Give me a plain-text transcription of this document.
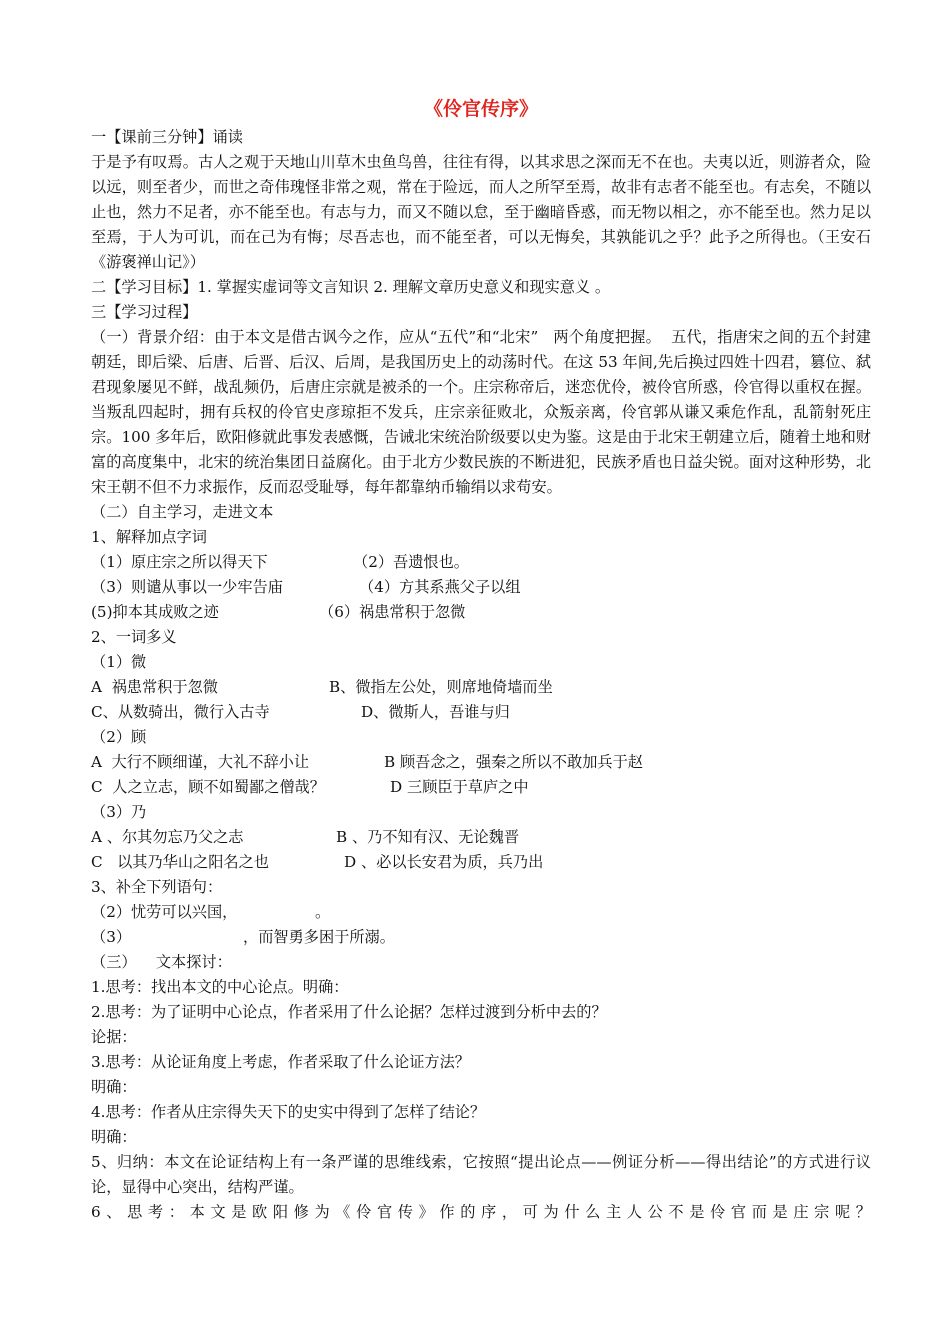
《伶官传序》

一【课前三分钟】诵读

于是予有叹焉。古人之观于天地山川草木虫鱼鸟兽，往往有得，以其求思之深而无不在也。夫夷以近，则游者众，险以远，则至者少，而世之奇伟瑰怪非常之观，常在于险远，而人之所罕至焉，故非有志者不能至也。有志矣，不随以止也，然力不足者，亦不能至也。有志与力，而又不随以怠，至于幽暗昏惑，而无物以相之，亦不能至也。然力足以至焉，于人为可讥，而在己为有悔；尽吾志也，而不能至者，可以无悔矣，其孰能讥之乎？此予之所得也。（王安石《游褒禅山记》）

二【学习目标】1. 掌握实虚词等文言知识 2. 理解文章历史意义和现实意义 。

三【学习过程】

（一）背景介绍：由于本文是借古讽今之作，应从“五代”和“北宋”   两个角度把握。  五代，指唐宋之间的五个封建朝廷，即后梁、后唐、后晋、后汉、后周，是我国历史上的动荡时代。在这 53 年间,先后换过四姓十四君，篡位、弑君现象屡见不鲜，战乱频仍，后唐庄宗就是被杀的一个。庄宗称帝后，迷恋优伶，被伶官所惑，伶官得以重权在握。当叛乱四起时，拥有兵权的伶官史彦琼拒不发兵，庄宗亲征败北，众叛亲离，伶官郭从谦又乘危作乱，乱箭射死庄宗。100 多年后，欧阳修就此事发表感慨，告诫北宋统治阶级要以史为鉴。这是由于北宋王朝建立后，随着土地和财富的高度集中，北宋的统治集团日益腐化。由于北方少数民族的不断进犯，民族矛盾也日益尖锐。面对这种形势，北宋王朝不但不力求振作，反而忍受耻辱，每年都靠纳币输绢以求苟安。

（二）自主学习，走进文本

1、解释加点字词

（1）原庄宗之所以得天下	（2）吾遗恨也。

（3）则谴从事以一少牢告庙	（4）方其系燕父子以组

(5)抑本其成败之迹	（6）祸患常积于忽微

2、一词多义

（1）微

A  祸患常积于忽微	B、微指左公处，则席地倚墙而坐

C、从数骑出，微行入古寺	D、微斯人，吾谁与归

（2）顾

A  大行不顾细谨，大礼不辞小让	B 顾吾念之，强秦之所以不敢加兵于赵

C  人之立志，顾不如蜀鄙之僧哉？	D 三顾臣于草庐之中

（3）乃

A 、尔其勿忘乃父之志	B 、乃不知有汉、无论魏晋

C   以其乃华山之阳名之也	D 、必以长安君为质，兵乃出

3、补全下列语句：

（2）忧劳可以兴国，	。

（3）	，而智勇多困于所溺。

（三）    文本探讨：

1.思考：找出本文的中心论点。明确：

2.思考：为了证明中心论点，作者采用了什么论据？怎样过渡到分析中去的？

论据：

3.思考：从论证角度上考虑，作者采取了什么论证方法？

明确：

4.思考：作者从庄宗得失天下的史实中得到了怎样了结论？

明确：

5、归纳：本文在论证结构上有一条严谨的思维线索，它按照“提出论点——例证分析——得出结论”的方式进行议论，显得中心突出，结构严谨。

6、思考：本文是欧阳修为《伶官传》作的序，可为什么主人公不是伶官而是庄宗呢？
